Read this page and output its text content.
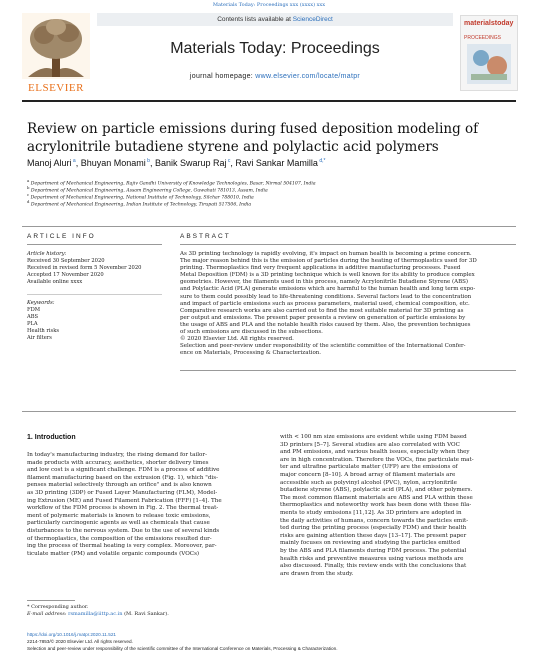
Materials Today: Proceedings xxx (xxxx) xxx
ELSEVIER
Contents lists available at ScienceDirect
Materials Today: Proceedings
journal homepage: www.elsevier.com/locate/matpr
materialstoday
PROCEEDINGS
Review on particle emissions during fused deposition modeling of
acrylonitrile butadiene styrene and polylactic acid polymers
Manoj Aluri $^a$, Bhuyan Monami $^b$, Banik Swarup Raj $^c$, Ravi Sankar Mamilla $^{d,*}$
$^a$ Department of Mechanical Engineering, Rajiv Gandhi University of Knowledge Technologies, Basar, Nirmal 504107, India
$^b$ Department of Mechanical Engineering, Assam Engineering College, Guwahati 781013, Assam, India
$^c$ Department of Mechanical Engineering, National Institute of Technology, Silchar 788010, India
$^d$ Department of Mechanical Engineering, Indian Institute of Technology, Tirupati 517506, India
ARTICLE INFO	ABSTRACT
Article history:
Received 30 September 2020
Received in revised form 5 November 2020
Accepted 17 November 2020
Available online xxxx
Keywords:
FDM
ABS
PLA
Health risks
Air filters
As 3D printing technology is rapidly evolving, it's impact on human health is becoming a prime concern.
The major reason behind this is the emission of particles during the heating of thermoplastics used for 3D
printing. Thermoplastics find very frequent applications in additive manufacturing processes. Fused
Metal Deposition (FDM) is a 3D printing technique which is well known for its ability to produce complex
geometries. However, the filaments used in this process, namely Acrylonitrile Butadiene Styrene (ABS)
and Polylactic Acid (PLA) generate emissions which are harmful to the human health and long term expo-
sure to them could possibly lead to life-threatening conditions. Several factors lead to the concentration
and impact of particle emissions such as process parameters, material used, chemical composition, etc.
Comparative research works are also carried out to find the most suitable material for 3D printing as
per output and emissions. The present paper presents a review on generation of particle emissions by
the usage of ABS and PLA and the notable health risks caused by them. Also, the prevention techniques
of such emissions are discussed in the subsections.
© 2020 Elsevier Ltd. All rights reserved.
Selection and peer-review under responsibility of the scientific committee of the International Confer-
ence on Materials, Processing & Characterization.
1. Introduction
In today's manufacturing industry, the rising demand for tailor-
made products with accuracy, aesthetics, shorter delivery times
and low cost is a significant challenge. FDM is a process of additive
filament manufacturing based on the extrusion (Fig. 1), which "dis-
penses material selectively through an orifice" and is also known
as 3D printing (3DP) or Fused Layer Manufacturing (FLM), Model-
ing Extrusion (ME) and Fused Filament Fabrication (FFF) [1–4]. The
workflow of the FDM process is shown in Fig. 2. The thermal treat-
ment of polymeric materials is known to release toxic emissions,
particularly carcinogenic agents as well as chemicals that cause
disturbances to the nervous system. Due to the use of several kinds
of thermoplastics, the composition of the emissions resulted dur-
ing the process of thermal heating is very complex. Moreover, par-
ticulate matter (PM) and volatile organic compounds (VOCs)
with < 100 nm size emissions are evident while using FDM based
3D printers [5–7]. Several studies are also correlated with VOC
and PM emissions, and various health issues, especially when they
are in high concentration. Therefore the VOCs, fine particulate mat-
ter and ultrafine particulate matter (UFP) are the emissions of
major concern [8–10]. A broad array of filament materials are
accessible such as polyvinyl alcohol (PVC), nylon, acrylonitrile
butadiene styrene (ABS), polylactic acid (PLA), and other polymers.
The most common filament materials are ABS and PLA within these
thermoplastics and noteworthy work has been done with these fila-
ments to study emissions [11,12]. As 3D printers are adopted in
the daily activities of humans, concern towards the particles emit-
ted during the printing process (especially FDM) and their health
risks are gaining attention these days [13–17]. The present paper
mainly focuses on reviewing and studying the particles emitted
by the ABS and PLA filaments during FDM process. The potential
health risks and preventive measures using various methods are
also discussed. Finally, this review ends with the conclusions that
are drawn from the study.
* Corresponding author.
E-mail address: rsmamilla@iittp.ac.in (M. Ravi Sankar).
https://doi.org/10.1016/j.matpr.2020.11.521
2214-7853/© 2020 Elsevier Ltd. All rights reserved.
Selection and peer-review under responsibility of the scientific committee of the International Conference on Materials, Processing & Characterization.
